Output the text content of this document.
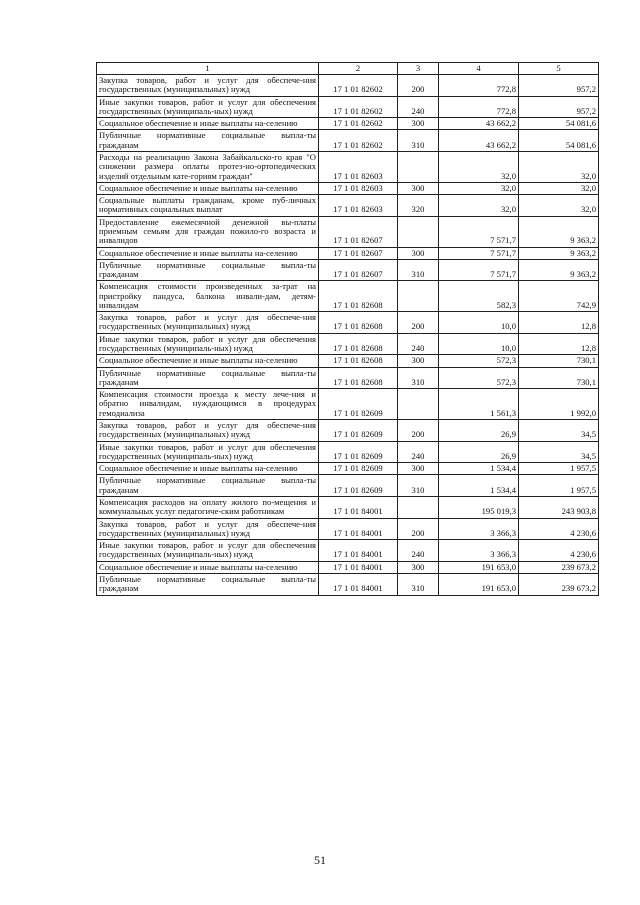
1	2	3	4	5
Закупка товаров, работ и услуг для обеспече-ния государственных (муниципальных) нужд	17 1 01 82602	200	772,8	957,2
Иные закупки товаров, работ и услуг для обеспечения государственных (муниципаль-ных) нужд	17 1 01 82602	240	772,8	957,2
Социальное обеспечение и иные выплаты на-селению	17 1 01 82602	300	43 662,2	54 081,6
Публичные нормативные социальные выпла-ты гражданам	17 1 01 82602	310	43 662,2	54 081,6
Расходы на реализацию Закона Забайкальско-го края "О снижении размера оплаты протез-но-ортопедических изделий отдельным кате-гориям граждан"	17 1 01 82603		32,0	32,0
Социальное обеспечение и иные выплаты на-селению	17 1 01 82603	300	32,0	32,0
Социальные выплаты гражданам, кроме пуб-личных нормативных социальных выплат	17 1 01 82603	320	32,0	32,0
Предоставление ежемесячной денежной вы-платы приемным семьям для граждан пожило-го возраста и инвалидов	17 1 01 82607		7 571,7	9 363,2
Социальное обеспечение и иные выплаты на-селению	17 1 01 82607	300	7 571,7	9 363,2
Публичные нормативные социальные выпла-ты гражданам	17 1 01 82607	310	7 571,7	9 363,2
Компенсация стоимости произведенных за-трат на пристройку пандуса, балкона инвали-дам, детям-инвалидам	17 1 01 82608		582,3	742,9
Закупка товаров, работ и услуг для обеспече-ния государственных (муниципальных) нужд	17 1 01 82608	200	10,0	12,8
Иные закупки товаров, работ и услуг для обеспечения государственных (муниципаль-ных) нужд	17 1 01 82608	240	10,0	12,8
Социальное обеспечение и иные выплаты на-селению	17 1 01 82608	300	572,3	730,1
Публичные нормативные социальные выпла-ты гражданам	17 1 01 82608	310	572,3	730,1
Компенсация стоимости проезда к месту лече-ния и обратно инвалидам, нуждающимся в процедурах гемодиализа	17 1 01 82609		1 561,3	1 992,0
Закупка товаров, работ и услуг для обеспече-ния государственных (муниципальных) нужд	17 1 01 82609	200	26,9	34,5
Иные закупки товаров, работ и услуг для обеспечения государственных (муниципаль-ных) нужд	17 1 01 82609	240	26,9	34,5
Социальное обеспечение и иные выплаты на-селению	17 1 01 82609	300	1 534,4	1 957,5
Публичные нормативные социальные выпла-ты гражданам	17 1 01 82609	310	1 534,4	1 957,5
Компенсация расходов на оплату жилого по-мещения и коммунальных услуг педагогиче-ским работникам	17 1 01 84001		195 019,3	243 903,8
Закупка товаров, работ и услуг для обеспече-ния государственных (муниципальных) нужд	17 1 01 84001	200	3 366,3	4 230,6
Иные закупки товаров, работ и услуг для обеспечения государственных (муниципаль-ных) нужд	17 1 01 84001	240	3 366,3	4 230,6
Социальное обеспечение и иные выплаты на-селению	17 1 01 84001	300	191 653,0	239 673,2
Публичные нормативные социальные выпла-ты гражданам	17 1 01 84001	310	191 653,0	239 673,2
51
